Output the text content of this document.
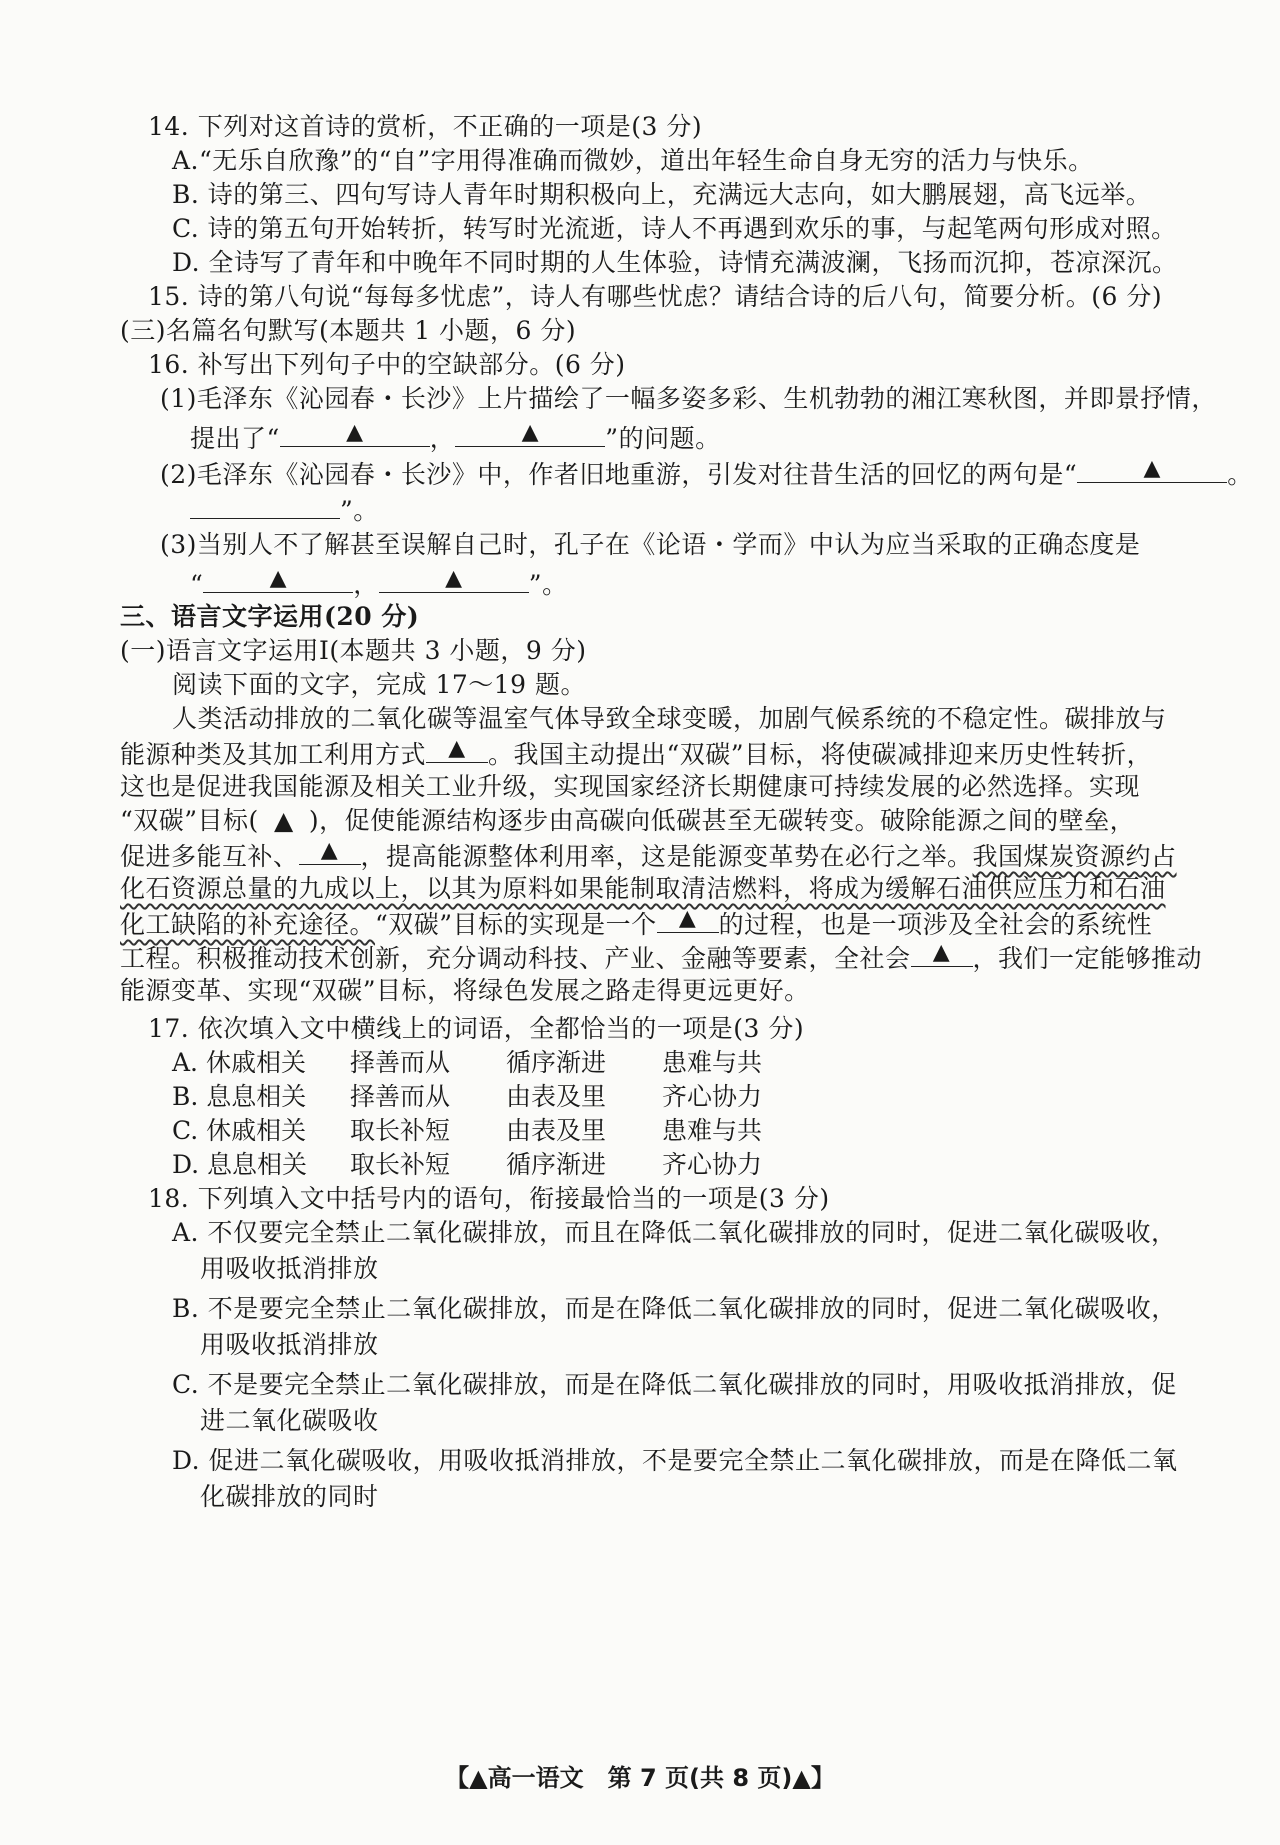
14. 下列对这首诗的赏析，不正确的一项是(3 分)
A.“无乐自欣豫”的“自”字用得准确而微妙，道出年轻生命自身无穷的活力与快乐。
B. 诗的第三、四句写诗人青年时期积极向上，充满远大志向，如大鹏展翅，高飞远举。
C. 诗的第五句开始转折，转写时光流逝，诗人不再遇到欢乐的事，与起笔两句形成对照。
D. 全诗写了青年和中晚年不同时期的人生体验，诗情充满波澜，飞扬而沉抑，苍凉深沉。
15. 诗的第八句说“每每多忧虑”，诗人有哪些忧虑？请结合诗的后八句，简要分析。(6 分)
(三)名篇名句默写(本题共 1 小题，6 分)
16. 补写出下列句子中的空缺部分。(6 分)
(1)毛泽东《沁园春・长沙》上片描绘了一幅多姿多彩、生机勃勃的湘江寒秋图，并即景抒情，
提出了“	▲	，	▲	”的问题。
(2)毛泽东《沁园春・长沙》中，作者旧地重游，引发对往昔生活的回忆的两句是“	▲	。
”。
(3)当别人不了解甚至误解自己时，孔子在《论语・学而》中认为应当采取的正确态度是
“	▲	，	▲	”。
三、语言文字运用(20 分)
(一)语言文字运用Ⅰ(本题共 3 小题，9 分)
阅读下面的文字，完成 17～19 题。
人类活动排放的二氧化碳等温室气体导致全球变暖，加剧气候系统的不稳定性。碳排放与
能源种类及其加工利用方式 ▲ 。我国主动提出“双碳”目标，将使碳减排迎来历史性转折，
这也是促进我国能源及相关工业升级，实现国家经济长期健康可持续发展的必然选择。实现
“双碳”目标( ▲ )，促使能源结构逐步由高碳向低碳甚至无碳转变。破除能源之间的壁垒，
促进多能互补、 ▲ ，提高能源整体利用率，这是能源变革势在必行之举。我国煤炭资源约占
化石资源总量的九成以上，以其为原料如果能制取清洁燃料，将成为缓解石油供应压力和石油
化工缺陷的补充途径。“双碳”目标的实现是一个 ▲ 的过程，也是一项涉及全社会的系统性
工程。积极推动技术创新，充分调动科技、产业、金融等要素，全社会 ▲ ，我们一定能够推动
能源变革、实现“双碳”目标，将绿色发展之路走得更远更好。
17. 依次填入文中横线上的词语，全都恰当的一项是(3 分)
A. 休戚相关 择善而从 循序渐进 患难与共
B. 息息相关 择善而从 由表及里 齐心协力
C. 休戚相关 取长补短 由表及里 患难与共
D. 息息相关 取长补短 循序渐进 齐心协力
18. 下列填入文中括号内的语句，衔接最恰当的一项是(3 分)
A. 不仅要完全禁止二氧化碳排放，而且在降低二氧化碳排放的同时，促进二氧化碳吸收，
用吸收抵消排放
B. 不是要完全禁止二氧化碳排放，而是在降低二氧化碳排放的同时，促进二氧化碳吸收，
用吸收抵消排放
C. 不是要完全禁止二氧化碳排放，而是在降低二氧化碳排放的同时，用吸收抵消排放，促
进二氧化碳吸收
D. 促进二氧化碳吸收，用吸收抵消排放，不是要完全禁止二氧化碳排放，而是在降低二氧
化碳排放的同时
【▲高一语文　第 7 页(共 8 页)▲】
